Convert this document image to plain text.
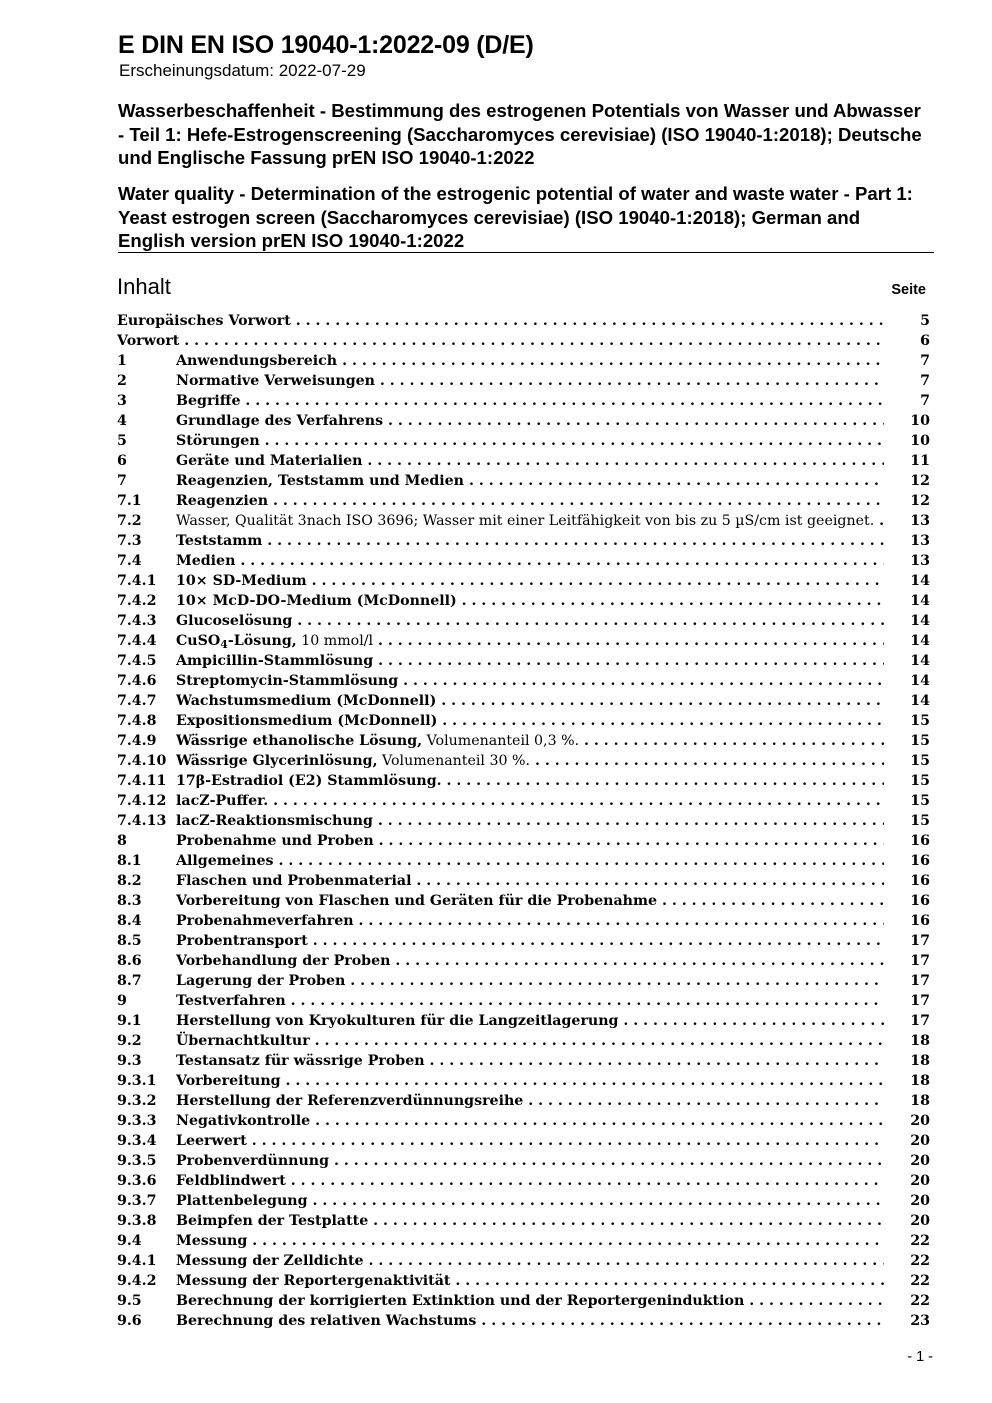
E DIN EN ISO 19040-1:2022-09 (D/E)
Erscheinungsdatum: 2022-07-29
Wasserbeschaffenheit - Bestimmung des estrogenen Potentials von Wasser und Abwasser - Teil 1: Hefe-Estrogenscreening (Saccharomyces cerevisiae) (ISO 19040-1:2018); Deutsche und Englische Fassung prEN ISO 19040-1:2022
Water quality - Determination of the estrogenic potential of water and waste water - Part 1: Yeast estrogen screen (Saccharomyces cerevisiae) (ISO 19040-1:2018); German and English version prEN ISO 19040-1:2022
Inhalt	Seite
Europäisches Vorwort . . .	5
Vorwort . . .	6
1	Anwendungsbereich . . .	7
2	Normative Verweisungen . . .	7
3	Begriffe . . .	7
4	Grundlage des Verfahrens . . .	10
5	Störungen . . .	10
6	Geräte und Materialien . . .	11
7	Reagenzien, Teststamm und Medien . . .	12
7.1 Reagenzien . . .	12
7.2 Wasser, Qualität 3nach ISO 3696; Wasser mit einer Leitfähigkeit von bis zu 5 µS/cm ist geeignet. . . .	13
7.3 Teststamm . . .	13
7.4 Medien . . .	13
7.4.1 10× SD-Medium . . .	14
7.4.2 10× McD-DO-Medium (McDonnell) . . .	14
7.4.3 Glucoselösung . . .	14
7.4.4 CuSO$_4$-Lösung, 10 mmol/l . . .	14
7.4.5 Ampicillin-Stammlösung . . .	14
7.4.6 Streptomycin-Stammlösung . . .	14
7.4.7 Wachstumsmedium (McDonnell) . . .	14
7.4.8 Expositionsmedium (McDonnell) . . .	15
7.4.9 Wässrige ethanolische Lösung, Volumenanteil 0,3 %. . . .	15
7.4.10 Wässrige Glycerinlösung, Volumenanteil 30 %. . . .	15
7.4.11 17β-Estradiol (E2) Stammlösung. . . .	15
7.4.12 lacZ-Puffer. . . .	15
7.4.13 lacZ-Reaktionsmischung . . .	15
8	Probenahme und Proben . . .	16
8.1 Allgemeines . . .	16
8.2 Flaschen und Probenmaterial . . .	16
8.3 Vorbereitung von Flaschen und Geräten für die Probenahme . . .	16
8.4 Probenahmeverfahren . . .	16
8.5 Probentransport . . .	17
8.6 Vorbehandlung der Proben . . .	17
8.7 Lagerung der Proben . . .	17
9	Testverfahren . . .	17
9.1 Herstellung von Kryokulturen für die Langzeitlagerung . . .	17
9.2 Übernachtkultur . . .	18
9.3 Testansatz für wässrige Proben . . .	18
9.3.1 Vorbereitung . . .	18
9.3.2 Herstellung der Referenzverdünnungsreihe . . .	18
9.3.3 Negativkontrolle . . .	20
9.3.4 Leerwert . . .	20
9.3.5 Probenverdünnung . . .	20
9.3.6 Feldblindwert . . .	20
9.3.7 Plattenbelegung . . .	20
9.3.8 Beimpfen der Testplatte . . .	20
9.4 Messung . . .	22
9.4.1 Messung der Zelldichte . . .	22
9.4.2 Messung der Reportergenaktivität . . .	22
9.5 Berechnung der korrigierten Extinktion und der Reportergeninduktion . . .	22
9.6 Berechnung des relativen Wachstums . . .	23
- 1 -
